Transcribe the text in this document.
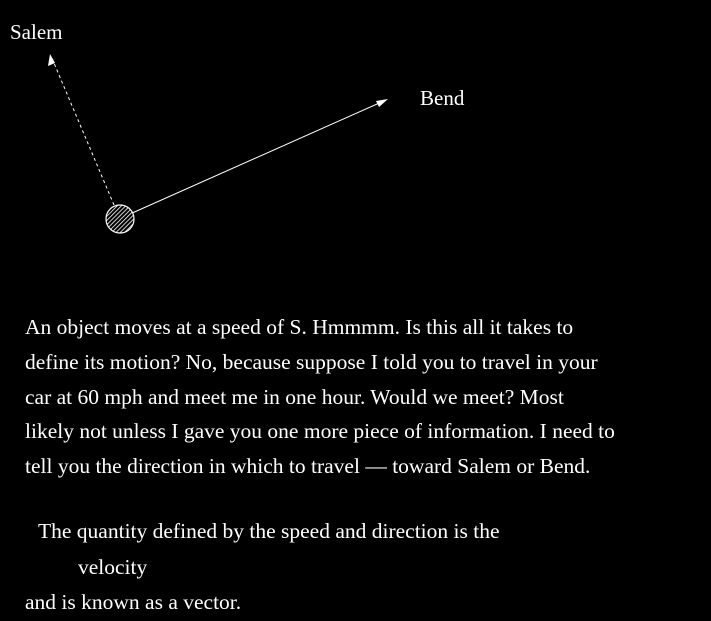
Salem
Bend
An object moves at a speed of S. Hmmmm. Is this all it takes to
define its motion? No, because suppose I told you to travel in your
car at 60 mph and meet me in one hour. Would we meet? Most
likely not unless I gave you one more piece of information. I need to
tell you the direction in which to travel –– toward Salem or Bend.
The quantity defined by the speed and direction is the
velocity
and is known as a vector.
